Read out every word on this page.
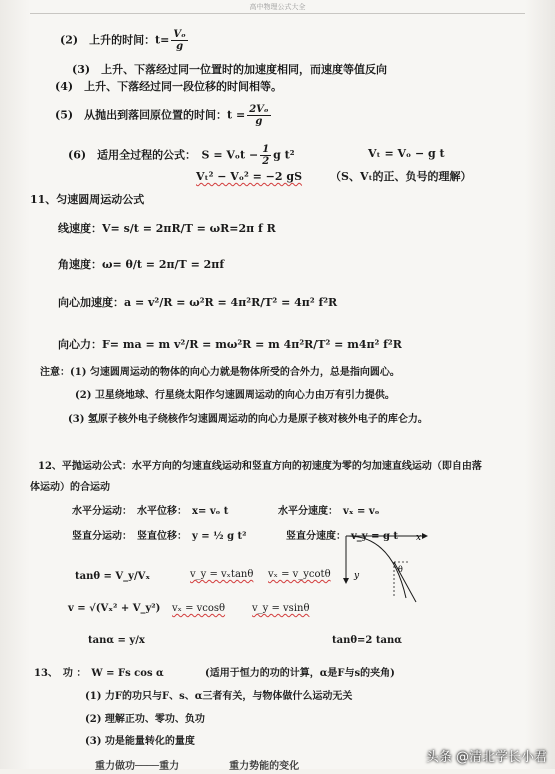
高中物理公式大全
(2)　上升的时间：$t= \frac{\text{Vₒ}}{g}$
(3)　上升、下落经过同一位置时的加速度相同，而速度等值反向
(4)　上升、下落经过同一段位移的时间相等。
(5)　从抛出到落回原位置的时间：$t = \frac{\text{2Vₒ}}{g}$
(6)　适用全过程的公式：　$S = V_ot - \frac{1}{2}$ g t²	Vₜ = Vₒ − g t
Vₜ² − Vₒ² = −2 gS	（S、Vₜ的正、负号的理解）
11、匀速圆周运动公式
线速度：V= s/t = 2πR/T = ωR=2π f R
角速度：ω= θ/t = 2π/T = 2πf
向心加速度：a = v²/R = ω²R = 4π²R/T² = 4π² f²R
向心力：F= ma = m v²/R = mω²R = m 4π²R/T² = m4π² f²R
注意：(1) 匀速圆周运动的物体的向心力就是物体所受的合外力，总是指向圆心。
(2) 卫星绕地球、行星绕太阳作匀速圆周运动的向心力由万有引力提供。
(3) 氢原子核外电子绕核作匀速圆周运动的向心力是原子核对核外电子的库仑力。
12、平抛运动公式：水平方向的匀速直线运动和竖直方向的初速度为零的匀加速直线运动（即自由落
体运动）的合运动
水平分运动：　水平位移：　x= vₒ t	水平分速度：　vₓ = vₒ
竖直分运动：　竖直位移：　y = ½ g t²	竖直分速度：　v_y = g t
tanθ = V_y/Vₓ	v_y = vₓtanθ vₓ = v_ycotθ
v = √(Vₓ² + V_y²) vₓ = vcosθ	v_y = vsinθ
tanα = y/x	tanθ=2 tanα
x
y
θ
13、　功 ：　W = Fs cos α	(适用于恒力的功的计算，α是F与s的夹角)
(1) 力F的功只与F、s、α三者有关，与物体做什么运动无关
(2) 理解正功、零功、负功
(3) 功是能量转化的量度
　重力做功────重力　　　　　重力势能的变化
头条 @清北学长小君
